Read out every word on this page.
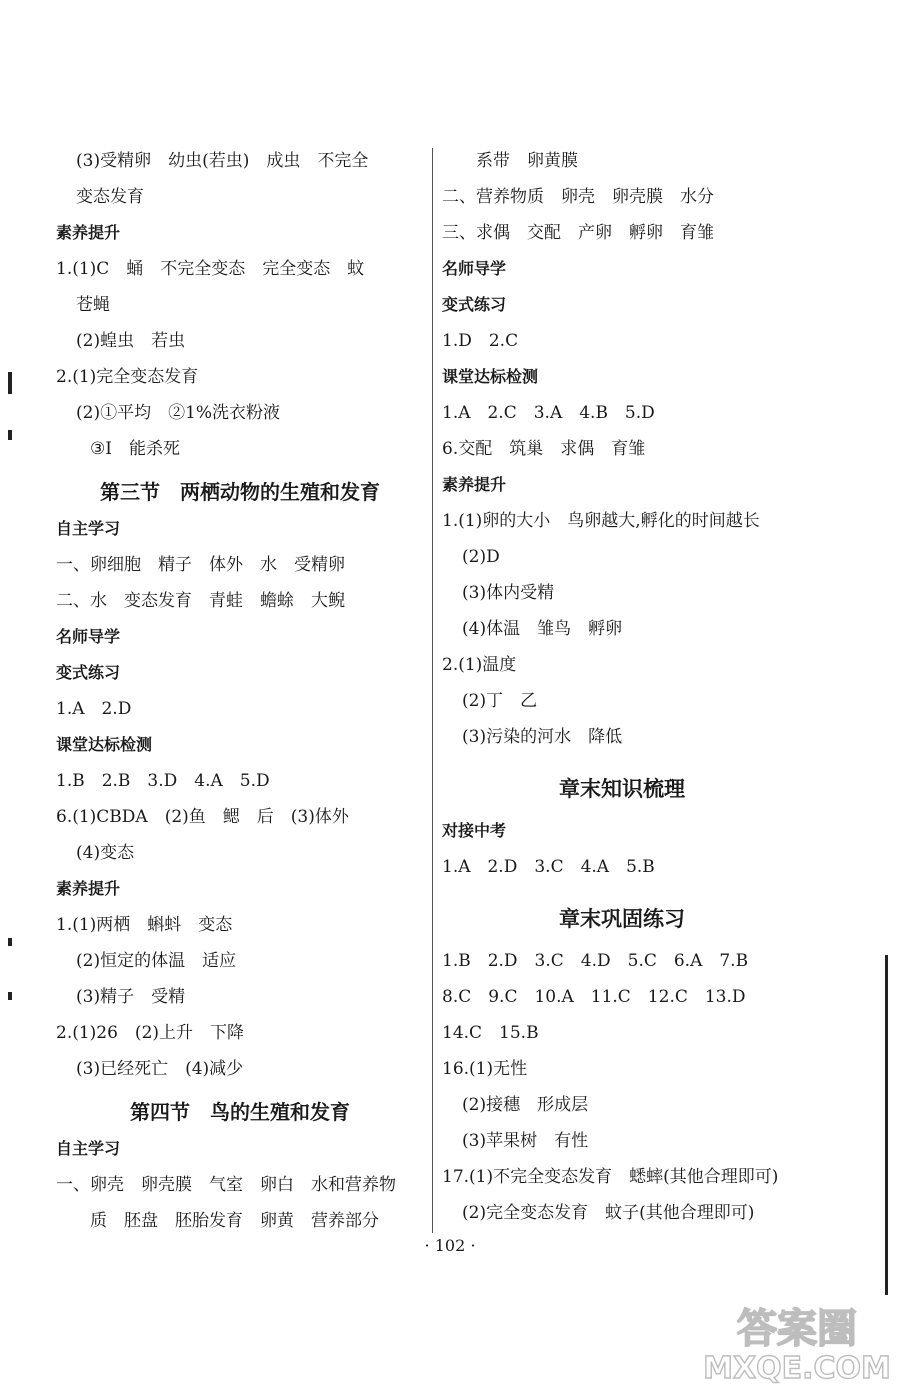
(3)受精卵　幼虫(若虫)　成虫　不完全
变态发育
素养提升
1.(1)C　蛹　不完全变态　完全变态　蚊
苍蝇
(2)蝗虫　若虫
2.(1)完全变态发育
(2)①平均　②1%洗衣粉液
③Ⅰ　能杀死
第三节　两栖动物的生殖和发育
自主学习
一、卵细胞　精子　体外　水　受精卵
二、水　变态发育　青蛙　蟾蜍　大鲵
名师导学
变式练习
1.A　2.D
课堂达标检测
1.B　2.B　3.D　4.A　5.D
6.(1)CBDA　(2)鱼　鳃　后　(3)体外
(4)变态
素养提升
1.(1)两栖　蝌蚪　变态
(2)恒定的体温　适应
(3)精子　受精
2.(1)26　(2)上升　下降
(3)已经死亡　(4)减少
第四节　鸟的生殖和发育
自主学习
一、卵壳　卵壳膜　气室　卵白　水和营养物
质　胚盘　胚胎发育　卵黄　营养部分
系带　卵黄膜
二、营养物质　卵壳　卵壳膜　水分
三、求偶　交配　产卵　孵卵　育雏
名师导学
变式练习
1.D　2.C
课堂达标检测
1.A　2.C　3.A　4.B　5.D
6.交配　筑巢　求偶　育雏
素养提升
1.(1)卵的大小　鸟卵越大,孵化的时间越长
(2)D
(3)体内受精
(4)体温　雏鸟　孵卵
2.(1)温度
(2)丁　乙
(3)污染的河水　降低
章末知识梳理
对接中考
1.A　2.D　3.C　4.A　5.B
章末巩固练习
1.B　2.D　3.C　4.D　5.C　6.A　7.B
8.C　9.C　10.A　11.C　12.C　13.D
14.C　15.B
16.(1)无性
(2)接穗　形成层
(3)苹果树　有性
17.(1)不完全变态发育　蟋蟀(其他合理即可)
(2)完全变态发育　蚊子(其他合理即可)
· 102 ·
答案圈
MXQE.COM
